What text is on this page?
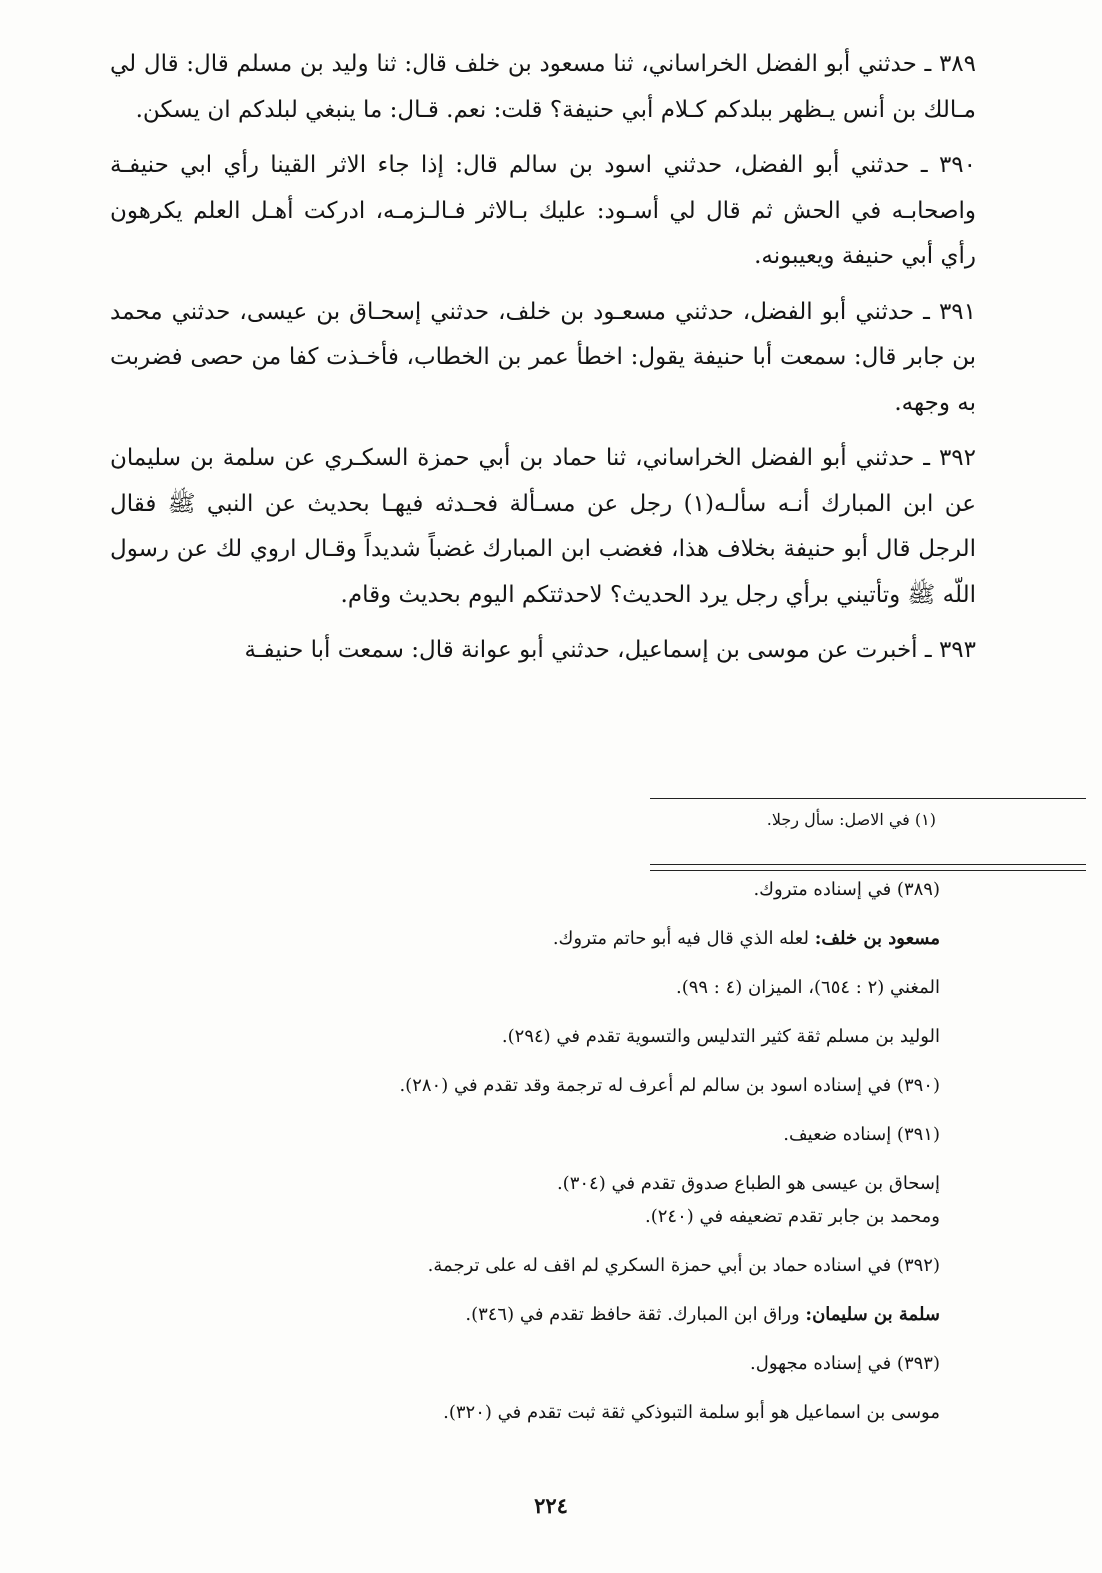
٣٨٩ ـ حدثني أبو الفضل الخراساني، ثنا مسعود بن خلف قال: ثنا وليد بن مسلم قال: قال لي مـالك بن أنس يـظهر ببلدكم كـلام أبي حنيفة؟ قلت: نعم. قـال: ما ينبغي لبلدكم ان يسكن.

٣٩٠ ـ حدثني أبو الفضل، حدثني اسود بن سالم قال: إذا جاء الاثر القينا رأي ابي حنيفـة واصحابـه في الحش ثم قال لي أسـود: عليك بـالاثر فـالـزمـه، ادركت أهـل العلم يكرهون رأي أبي حنيفة ويعيبونه.

٣٩١ ـ حدثني أبو الفضل، حدثني مسعـود بن خلف، حدثني إسحـاق بن عيسى، حدثني محمد بن جابر قال: سمعت أبا حنيفة يقول: اخطأ عمر بن الخطاب، فأخـذت كفا من حصى فضربت به وجهه.

٣٩٢ ـ حدثني أبو الفضل الخراساني، ثنا حماد بن أبي حمزة السكـري عن سلمة بن سليمان عن ابن المبارك أنـه سألـه(١) رجل عن مسـألة فحـدثه فيهـا بحديث عن النبي ﷺ فقال الرجل قال أبو حنيفة بخلاف هذا، فغضب ابن المبارك غضباً شديداً وقـال اروي لك عن رسول اللّه ﷺ وتأتيني برأي رجل يرد الحديث؟ لاحدثتكم اليوم بحديث وقام.

٣٩٣ ـ أخبرت عن موسى بن إسماعيل، حدثني أبو عوانة قال: سمعت أبا حنيفـة

(١) في الاصل: سأل رجلا.

(٣٨٩) في إسناده متروك.

مسعود بن خلف: لعله الذي قال فيه أبو حاتم متروك.

المغني (٢ : ٦٥٤)، الميزان (٤ : ٩٩).

الوليد بن مسلم ثقة كثير التدليس والتسوية تقدم في (٢٩٤).

(٣٩٠) في إسناده اسود بن سالم لم أعرف له ترجمة وقد تقدم في (٢٨٠).

(٣٩١) إسناده ضعيف.

إسحاق بن عيسى هو الطباع صدوق تقدم في (٣٠٤).

ومحمد بن جابر تقدم تضعيفه في (٢٤٠).

(٣٩٢) في اسناده حماد بن أبي حمزة السكري لم اقف له على ترجمة.

سلمة بن سليمان: وراق ابن المبارك. ثقة حافظ تقدم في (٣٤٦).

(٣٩٣) في إسناده مجهول.

موسى بن اسماعيل هو أبو سلمة التبوذكي ثقة ثبت تقدم في (٣٢٠).

٢٢٤
